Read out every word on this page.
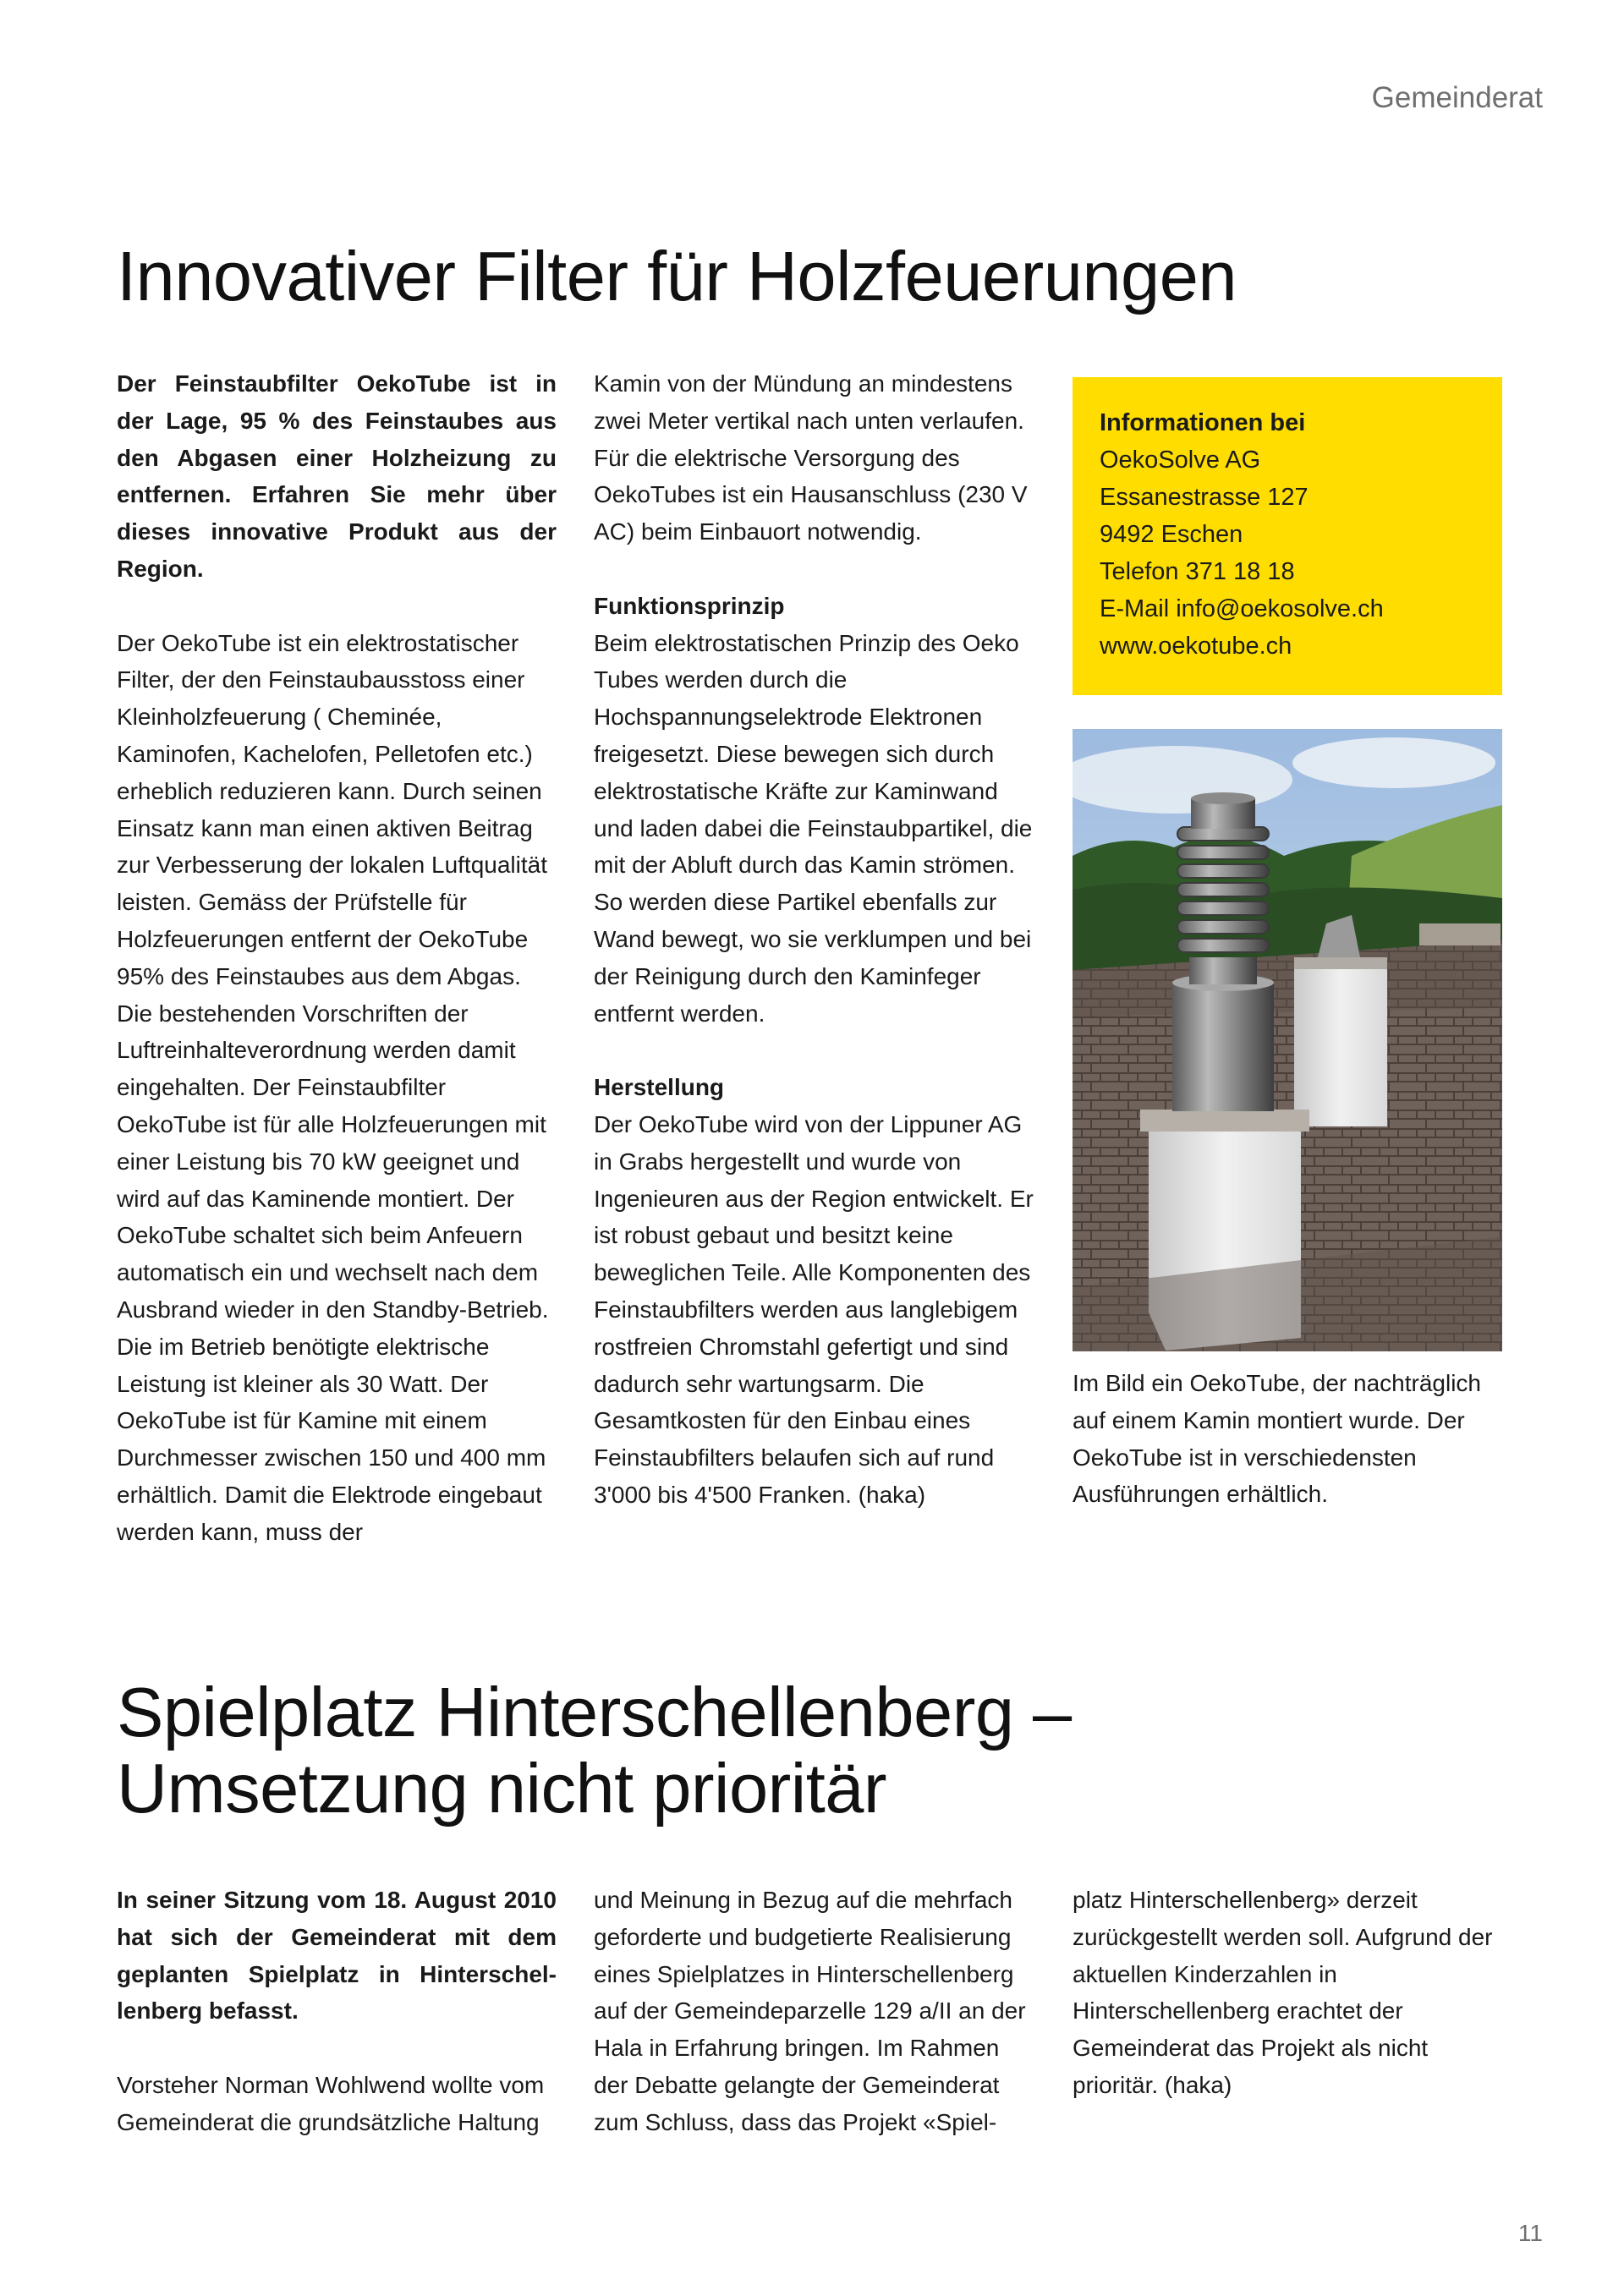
Gemeinderat
Innovativer Filter für Holzfeuerungen

Der Feinstaubfilter OekoTube ist in
der Lage, 95 % des Feinstaubes aus
den Abgasen einer Holzheizung zu
entfernen. Erfahren Sie mehr über
dieses innovative Produkt aus der
Region.

Der OekoTube ist ein elektrostatischer Filter, der den Feinstaubausstoss einer Kleinholzfeuerung ( Cheminée, Kaminofen, Kachelofen, Pelletofen etc.) erheblich reduzieren kann. Durch seinen Einsatz kann man einen aktiven Beitrag zur Verbesserung der lokalen Luftqualität leisten. Gemäss der Prüfstelle für Holzfeuerungen entfernt der OekoTube 95% des Feinstaubes aus dem Abgas. Die bestehenden Vorschriften der Luftreinhalteverordnung werden damit eingehalten. Der Feinstaubfilter OekoTube ist für alle Holzfeuerungen mit einer Leistung bis 70 kW geeignet und wird auf das Kaminende montiert. Der OekoTube schaltet sich beim Anfeuern automatisch ein und wechselt nach dem Ausbrand wieder in den Standby-Betrieb. Die im Betrieb benötigte elektrische Leistung ist kleiner als 30 Watt. Der OekoTube ist für Kamine mit einem Durchmesser zwischen 150 und 400 mm erhältlich. Damit die Elektrode eingebaut werden kann, muss der

Kamin von der Mündung an mindestens zwei Meter vertikal nach unten verlaufen. Für die elektrische Versorgung des OekoTubes ist ein Hausanschluss (230 V AC) beim Einbauort notwendig.

Funktionsprinzip

Beim elektrostatischen Prinzip des Oeko Tubes werden durch die Hochspannungselektrode Elektronen freigesetzt. Diese bewegen sich durch elektrostatische Kräfte zur Kaminwand und laden dabei die Feinstaubpartikel, die mit der Abluft durch das Kamin strömen. So werden diese Partikel ebenfalls zur Wand bewegt, wo sie verklumpen und bei der Reinigung durch den Kaminfeger entfernt werden.

Herstellung

Der OekoTube wird von der Lippuner AG in Grabs hergestellt und wurde von Ingenieuren aus der Region entwickelt. Er ist robust gebaut und besitzt keine beweglichen Teile. Alle Komponenten des Feinstaubfilters werden aus langlebigem rostfreien Chromstahl gefertigt und sind dadurch sehr wartungsarm. Die Gesamtkosten für den Einbau eines Feinstaubfilters belaufen sich auf rund 3'000 bis 4'500 Franken. (haka)

Informationen bei
OekoSolve AG
Essanestrasse 127
9492 Eschen
Telefon 371 18 18
E-Mail info@oekosolve.ch
www.oekotube.ch
Im Bild ein OekoTube, der nachträglich auf einem Kamin montiert wurde. Der OekoTube ist in verschiedensten Ausführungen erhältlich.
Spielplatz Hinterschellenberg –
Umsetzung nicht prioritär

In seiner Sitzung vom 18. August 2010
hat sich der Gemeinderat mit dem
geplanten Spielplatz in Hinterschel-
lenberg befasst.

Vorsteher Norman Wohlwend wollte vom Gemeinderat die grundsätzliche Haltung

und Meinung in Bezug auf die mehrfach geforderte und budgetierte Realisierung eines Spielplatzes in Hinterschellenberg auf der Gemeindeparzelle 129 a/II an der Hala in Erfahrung bringen. Im Rahmen der Debatte gelangte der Gemeinderat zum Schluss, dass das Projekt «Spiel-

platz Hinterschellenberg» derzeit zurückgestellt werden soll. Aufgrund der aktuellen Kinderzahlen in Hinterschellenberg erachtet der Gemeinderat das Projekt als nicht prioritär. (haka)

11
